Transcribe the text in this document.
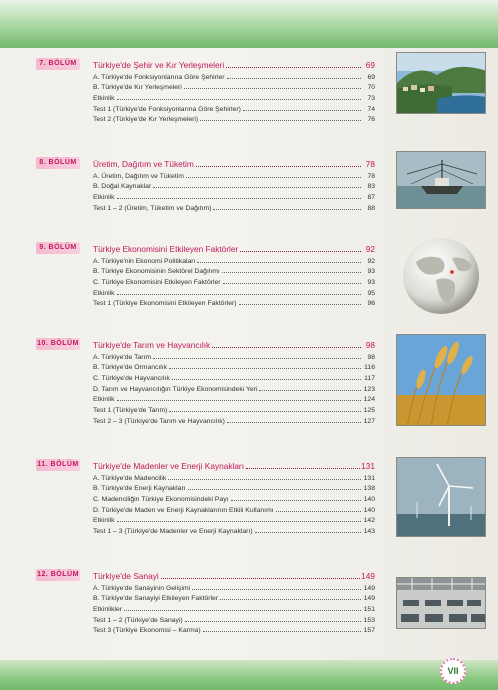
7. BÖLÜM	Türkiye'de Şehir ve Kır Yerleşmeleri	69
A. Türkiye'de Fonksiyonlarına Göre Şehirler	69
B. Türkiye'de Kır Yerleşmeleri	70
Etkinlik	73
Test 1 (Türkiye'de Fonksiyonlarına Göre Şehirler)	74
Test 2 (Türkiye'de Kır Yerleşmeleri)	76
8. BÖLÜM	Üretim, Dağıtım ve Tüketim	78
A. Üretim, Dağıtım ve Tüketim	78
B. Doğal Kaynaklar	83
Etkinlik	87
Test 1 – 2 (Üretim, Tüketim ve Dağıtım)	88
9. BÖLÜM	Türkiye Ekonomisini Etkileyen Faktörler	92
A. Türkiye'nin Ekonomi Politikaları	92
B. Türkiye Ekonomisinin Sektörel Dağılımı	93
C. Türkiye Ekonomisini Etkileyen Faktörler	93
Etkinlik	95
Test 1 (Türkiye Ekonomisini Etkileyen Faktörler)	96
10. BÖLÜM Türkiye'de Tarım ve Hayvancılık	98
A. Türkiye'de Tarım	98
B. Türkiye'de Ormancılık	116
C. Türkiye'de Hayvancılık	117
D. Tarım ve Hayvancılığın Türkiye Ekonomisindeki Yeri	123
Etkinlik	124
Test 1 (Türkiye'de Tarım)	125
Test 2 – 3 (Türkiye'de Tarım ve Hayvancılık)	127
11. BÖLÜM Türkiye'de Madenler ve Enerji Kaynakları	131
A. Türkiye'de Madencilik	131
B. Türkiye'de Enerji Kaynakları	138
C. Madenciliğin Türkiye Ekonomisindeki Payı	140
D. Türkiye'de Maden ve Enerji Kaynaklarının Etkili Kullanımı	140
Etkinlik	142
Test 1 – 3 (Türkiye'de Madenler ve Enerji Kaynakları)	143
12. BÖLÜM Türkiye'de Sanayi	149
A. Türkiye'de Sanayinin Gelişimi	149
B. Türkiye'de Sanayiyi Etkileyen Faktörler	149
Etkinlikler	151
Test 1 – 2 (Türkiye'de Sanayi)	153
Test 3 (Türkiye Ekonomisi – Karma)	157
VII
